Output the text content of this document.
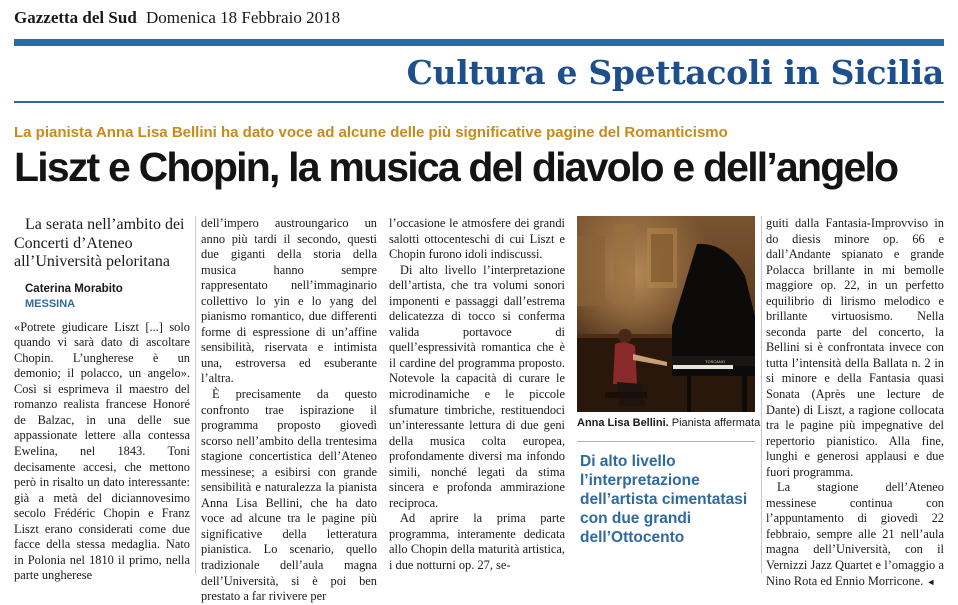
Gazzetta del Sud Domenica 18 Febbraio 2018
Cultura e Spettacoli in Sicilia
La pianista Anna Lisa Bellini ha dato voce ad alcune delle più significative pagine del Romanticismo
Liszt e Chopin, la musica del diavolo e dell’angelo

La serata nell’ambito dei Concerti d’Ateneo all’Università peloritana

Caterina Morabito

MESSINA

«Potrete giudicare Liszt [...] solo quando vi sarà dato di ascoltare Chopin. L’ungherese è un demonio; il polacco, un angelo». Così si esprimeva il maestro del romanzo realista francese Honoré de Balzac, in una delle sue appassionate lettere alla contessa Ewelina, nel 1843. Toni decisamente accesi, che mettono però in risalto un dato interessante: già a metà del diciannovesimo secolo Frédéric Chopin e Franz Liszt erano considerati come due facce della stessa medaglia. Nato in Polonia nel 1810 il primo, nella parte ungherese

dell’impero austroungarico un anno più tardi il secondo, questi due giganti della storia della musica hanno sempre rappresentato nell’immaginario collettivo lo yin e lo yang del pianismo romantico, due differenti forme di espressione di un’affine sensibilità, riservata e intimista una, estroversa ed esuberante l’altra.

È precisamente da questo confronto trae ispirazione il programma proposto giovedì scorso nell’ambito della trentesima stagione concertistica dell’Ateneo messinese; a esibirsi con grande sensibilità e naturalezza la pianista Anna Lisa Bellini, che ha dato voce ad alcune tra le pagine più significative della letteratura pianistica. Lo scenario, quello tradizionale dell’aula magna dell’Università, si è poi ben prestato a far rivivere per

l’occasione le atmosfere dei grandi salotti ottocenteschi di cui Liszt e Chopin furono idoli indiscussi.

Di alto livello l’interpretazione dell’artista, che tra volumi sonori imponenti e passaggi dall’estrema delicatezza di tocco si conferma valida portavoce di quell’espressività romantica che è il cardine del programma proposto. Notevole la capacità di curare le microdinamiche e le piccole sfumature timbriche, restituendoci un’interessante lettura di due geni della musica colta europea, profondamente diversi ma infondo simili, nonché legati da stima sincera e profonda ammirazione reciproca.

Ad aprire la prima parte programma, interamente dedicata allo Chopin della maturità artistica, i due notturni op. 27, se-

TOSCANO
Anna Lisa Bellini. Pianista affermata
Di alto livello l’interpretazione dell’artista cimentatasi con due grandi dell’Ottocento

guiti dalla Fantasia-Improvviso in do diesis minore op. 66 e dall’Andante spianato e grande Polacca brillante in mi bemolle maggiore op. 22, in un perfetto equilibrio di lirismo melodico e brillante virtuosismo. Nella seconda parte del concerto, la Bellini si è confrontata invece con tutta l’intensità della Ballata n. 2 in si minore e della Fantasia quasi Sonata (Après une lecture de Dante) di Liszt, a ragione collocata tra le pagine più impegnative del repertorio pianistico. Alla fine, lunghi e generosi applausi e due fuori programma.

La stagione dell’Ateneo messinese continua con l’appuntamento di giovedì 22 febbraio, sempre alle 21 nell’aula magna dell’Università, con il Vernizzi Jazz Quartet e l’omaggio a Nino Rota ed Ennio Morricone. ◄
